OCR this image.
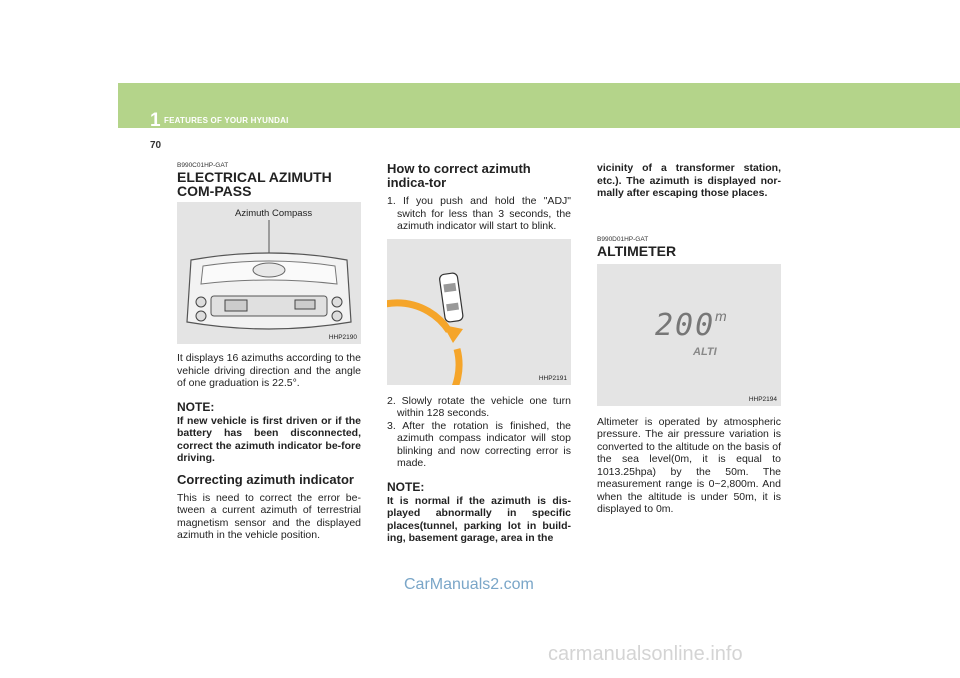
1 FEATURES OF YOUR HYUNDAI
70

B990C01HP-GAT

ELECTRICAL AZIMUTH COM-PASS

Azimuth Compass
HHP2190

It displays 16 azimuths according to the vehicle driving direction and the angle of one graduation is 22.5°.

NOTE:

If new vehicle is first driven or if the battery has been disconnected, correct the azimuth indicator be-fore driving.

Correcting azimuth indicator

This is need to correct the error be-tween a current azimuth of terrestrial magnetism sensor and the displayed azimuth in the vehicle position.

How to correct azimuth indica-tor

1. If you push and hold the "ADJ" switch for less than 3 seconds, the azimuth indicator will start to blink.

HHP2191

2. Slowly rotate the vehicle one turn within 128 seconds.

3. After the rotation is finished, the azimuth compass indicator will stop blinking and now correcting error is made.

NOTE:

It is normal if the azimuth is dis-played abnormally in specific places(tunnel, parking lot in build-ing, basement garage, area in the

vicinity of a transformer station, etc.). The azimuth is displayed nor-mally after escaping those places.

B990D01HP-GAT

ALTIMETER

200 m
ALTI
HHP2194

Altimeter is operated by atmospheric pressure. The air pressure variation is converted to the altitude on the basis of the sea level(0m, it is equal to 1013.25hpa) by the 50m. The measurement range is 0~2,800m. And when the altitude is under 50m, it is displayed to 0m.

CarManuals2.com
carmanualsonline.info
